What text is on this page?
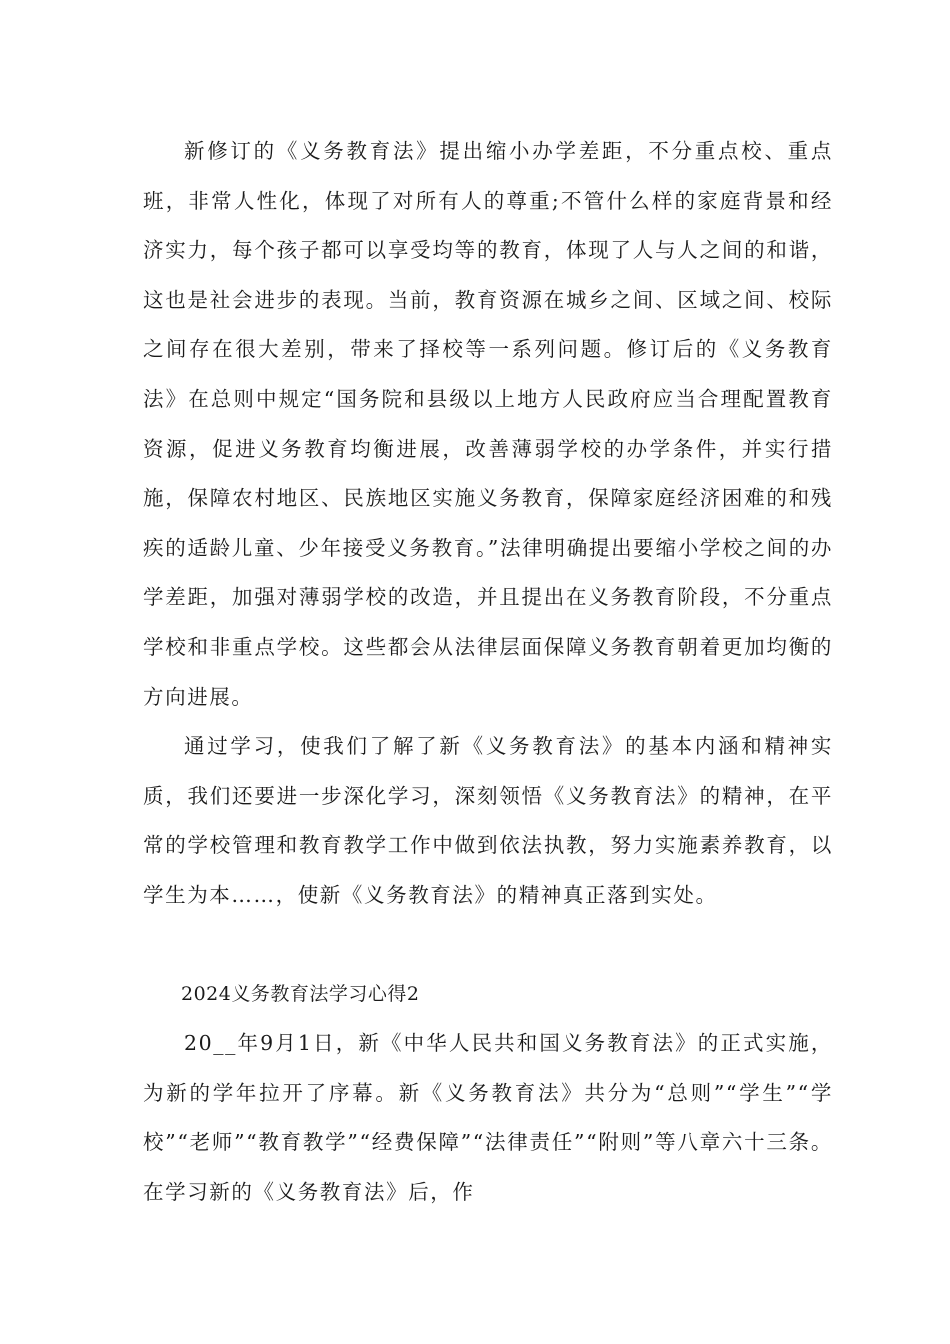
新修订的《义务教育法》提出缩小办学差距，不分重点校、重点班，非常人性化，体现了对所有人的尊重;不管什么样的家庭背景和经济实力，每个孩子都可以享受均等的教育，体现了人与人之间的和谐，这也是社会进步的表现。当前，教育资源在城乡之间、区域之间、校际之间存在很大差别，带来了择校等一系列问题。修订后的《义务教育法》在总则中规定“国务院和县级以上地方人民政府应当合理配置教育资源，促进义务教育均衡进展，改善薄弱学校的办学条件，并实行措施，保障农村地区、民族地区实施义务教育，保障家庭经济困难的和残疾的适龄儿童、少年接受义务教育。”法律明确提出要缩小学校之间的办学差距，加强对薄弱学校的改造，并且提出在义务教育阶段，不分重点学校和非重点学校。这些都会从法律层面保障义务教育朝着更加均衡的方向进展。

通过学习，使我们了解了新《义务教育法》的基本内涵和精神实质，我们还要进一步深化学习，深刻领悟《义务教育法》的精神，在平常的学校管理和教育教学工作中做到依法执教，努力实施素养教育，以学生为本……，使新《义务教育法》的精神真正落到实处。

2024义务教育法学习心得2

20__年9月1日，新《中华人民共和国义务教育法》的正式实施，为新的学年拉开了序幕。新《义务教育法》共分为“总则”“学生”“学校”“老师”“教育教学”“经费保障”“法律责任”“附则”等八章六十三条。在学习新的《义务教育法》后，作
